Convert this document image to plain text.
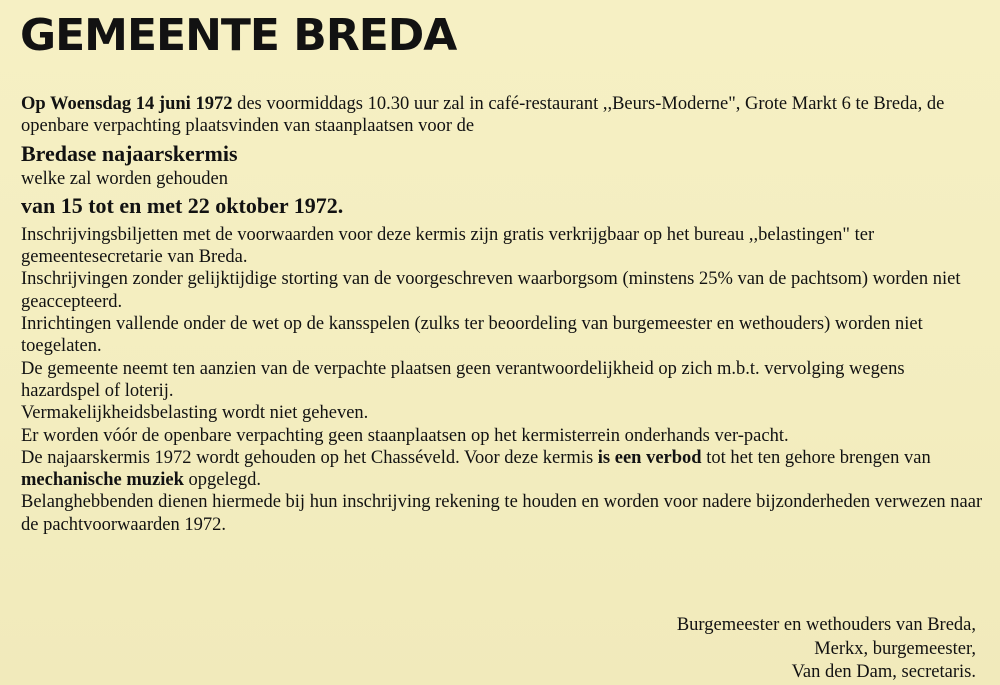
GEMEENTE BREDA

Op Woensdag 14 juni 1972 des voormiddags 10.30 uur zal in café-restaurant ,,Beurs-Moderne", Grote Markt 6 te Breda, de openbare verpachting plaatsvinden van staanplaatsen voor de

Bredase najaarskermis

welke zal worden gehouden

van 15 tot en met 22 oktober 1972.

Inschrijvingsbiljetten met de voorwaarden voor deze kermis zijn gratis verkrijgbaar op het bureau ,,belastingen" ter gemeentesecretarie van Breda.

Inschrijvingen zonder gelijktijdige storting van de voorgeschreven waarborgsom (minstens 25% van de pachtsom) worden niet geaccepteerd.

Inrichtingen vallende onder de wet op de kansspelen (zulks ter beoordeling van burgemeester en wethouders) worden niet toegelaten.

De gemeente neemt ten aanzien van de verpachte plaatsen geen verantwoordelijkheid op zich m.b.t. vervolging wegens hazardspel of loterij.

Vermakelijkheidsbelasting wordt niet geheven.

Er worden vóór de openbare verpachting geen staanplaatsen op het kermisterrein onderhands ver-pacht.

De najaarskermis 1972 wordt gehouden op het Chasséveld. Voor deze kermis is een verbod tot het ten gehore brengen van mechanische muziek opgelegd.

Belanghebbenden dienen hiermede bij hun inschrijving rekening te houden en worden voor nadere bijzonderheden verwezen naar de pachtvoorwaarden 1972.

Burgemeester en wethouders van Breda,
Merkx, burgemeester,
Van den Dam, secretaris.
